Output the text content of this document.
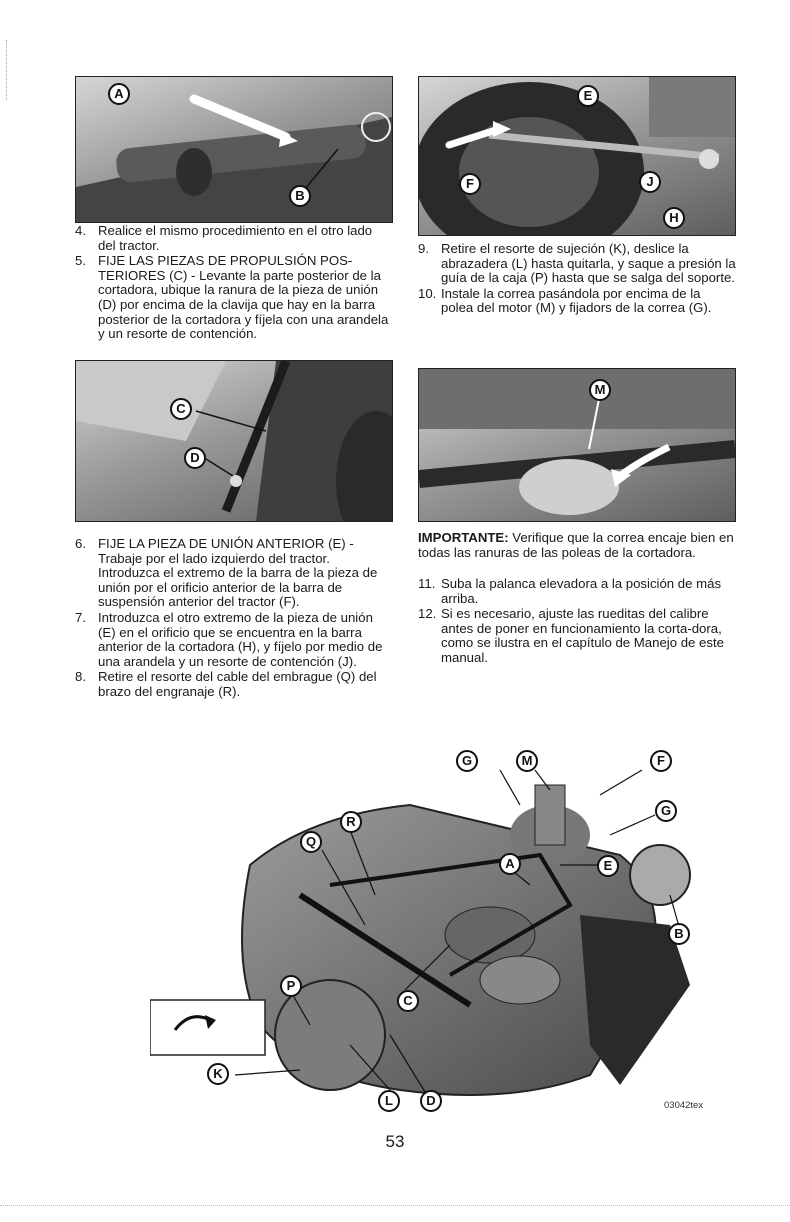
A
B
E
F	J
H
4. Realice el mismo procedimiento en el otro lado del tractor.
5. FIJE LAS PIEZAS DE PROPULSIÓN POS-TERIORES (C) - Levante la parte posterior de la cortadora, ubique la ranura de la pieza de unión (D) por encima de la clavija que hay en la barra posterior de la cortadora y fíjela con una arandela y un resorte de contención.
9. Retire el resorte de sujeción (K), deslice la abrazadera (L) hasta quitarla, y saque a presión la guía de la caja (P) hasta que se salga del soporte.
10. Instale la correa pasándola por encima de la polea del motor (M) y fijadors de la correa (G).
C
D
M
6. FIJE LA PIEZA DE UNIÓN ANTERIOR (E) - Trabaje por el lado izquierdo del tractor. Introduzca el extremo de la barra de la pieza de unión por el orificio anterior de la barra de suspensión anterior del tractor (F).
7. Introduzca el otro extremo de la pieza de unión (E) en el orificio que se encuentra en la barra anterior de la cortadora (H), y fíjelo por medio de una arandela y un resorte de contención (J).
8. Retire el resorte del cable del embrague (Q) del brazo del engranaje (R).

IMPORTANTE: Verifique que la correa encaje bien en todas las ranuras de las poleas de la cortadora.

11. Suba la palanca elevadora a la posición de más arriba.
12. Si es necesario, ajuste las rueditas del calibre antes de poner en funcionamiento la corta-dora, como se ilustra en el capítulo de Manejo de este manual.
G	M	F
G
R
Q
A	E
B
P
C
K
L	D	03042tex
53
